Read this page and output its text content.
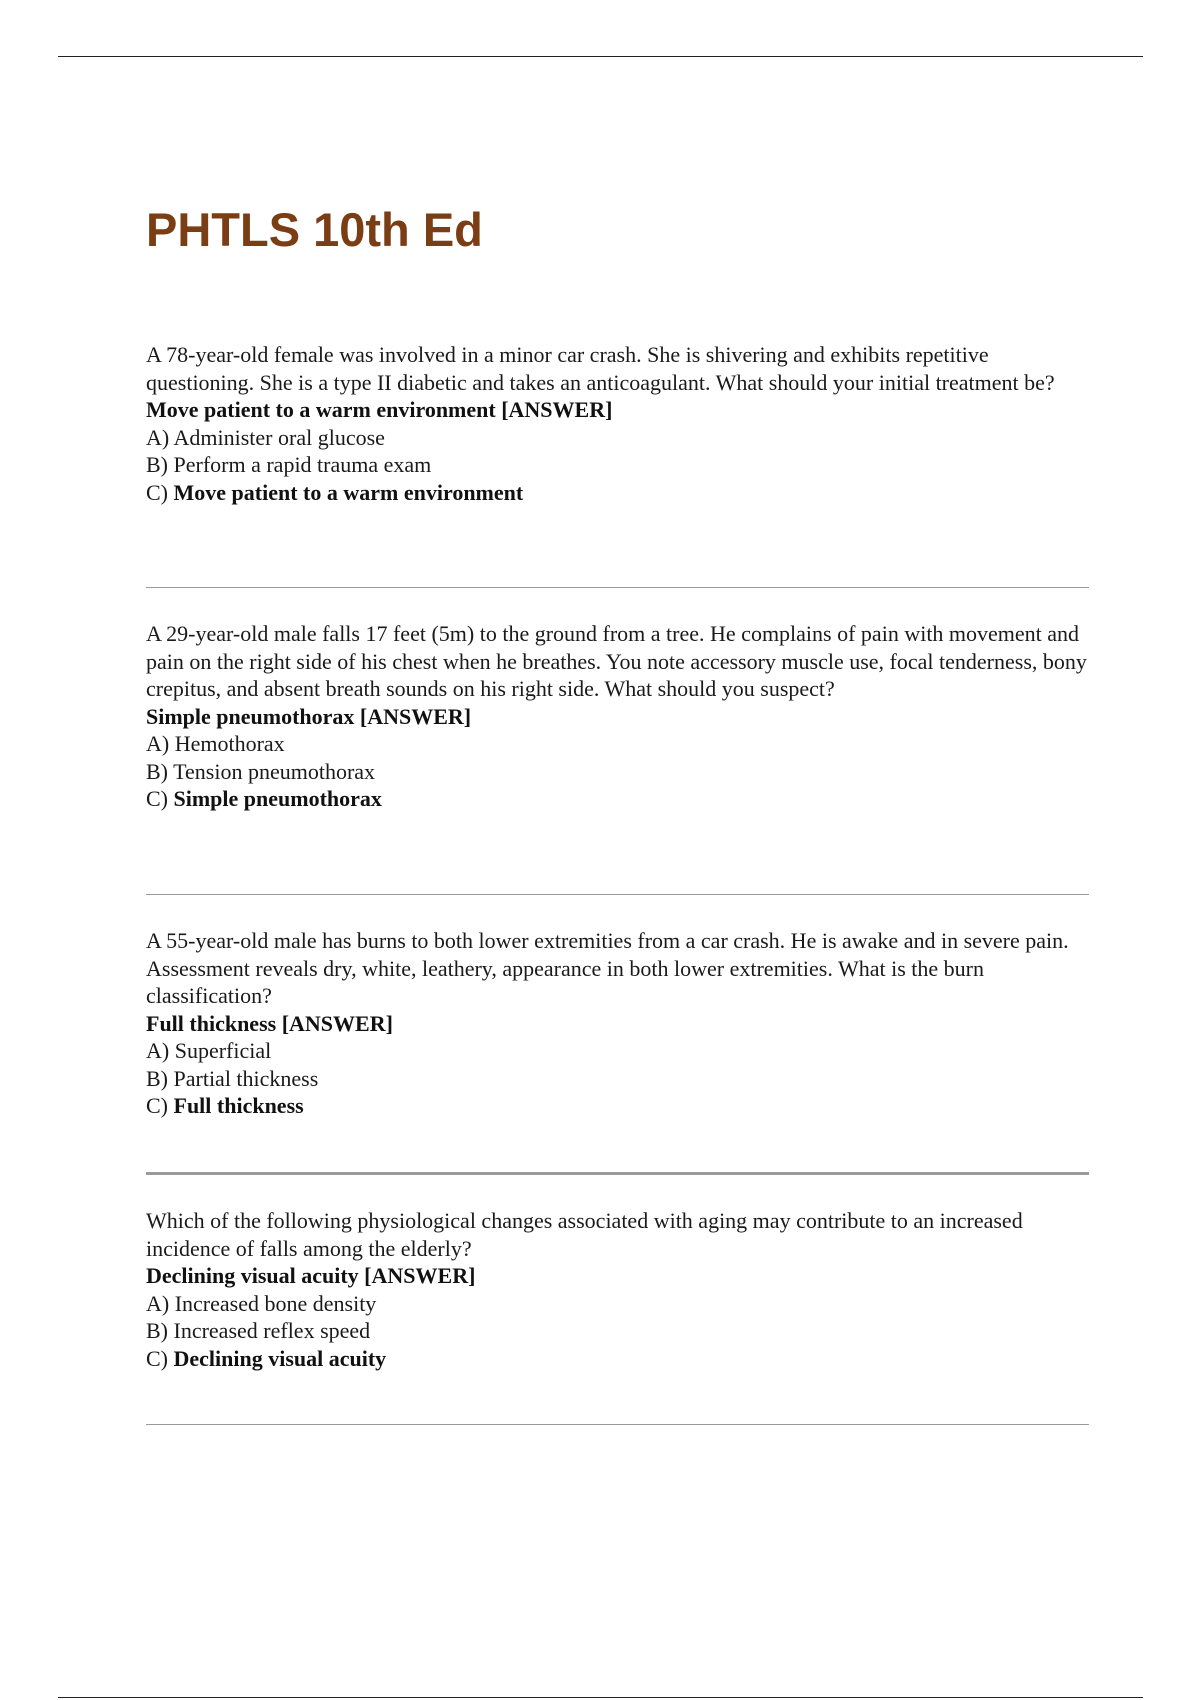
PHTLS 10th Ed

A 78-year-old female was involved in a minor car crash. She is shivering and exhibits repetitive questioning. She is a type II diabetic and takes an anticoagulant. What should your initial treatment be?

Move patient to a warm environment [ANSWER]

A) Administer oral glucose
B) Perform a rapid trauma exam
C) Move patient to a warm environment

A 29-year-old male falls 17 feet (5m) to the ground from a tree. He complains of pain with movement and pain on the right side of his chest when he breathes. You note accessory muscle use, focal tenderness, bony crepitus, and absent breath sounds on his right side. What should you suspect?

Simple pneumothorax [ANSWER]

A) Hemothorax
B) Tension pneumothorax
C) Simple pneumothorax

A 55-year-old male has burns to both lower extremities from a car crash. He is awake and in severe pain. Assessment reveals dry, white, leathery, appearance in both lower extremities. What is the burn classification?

Full thickness [ANSWER]

A) Superficial
B) Partial thickness
C) Full thickness

Which of the following physiological changes associated with aging may contribute to an increased incidence of falls among the elderly?

Declining visual acuity [ANSWER]

A) Increased bone density
B) Increased reflex speed
C) Declining visual acuity
